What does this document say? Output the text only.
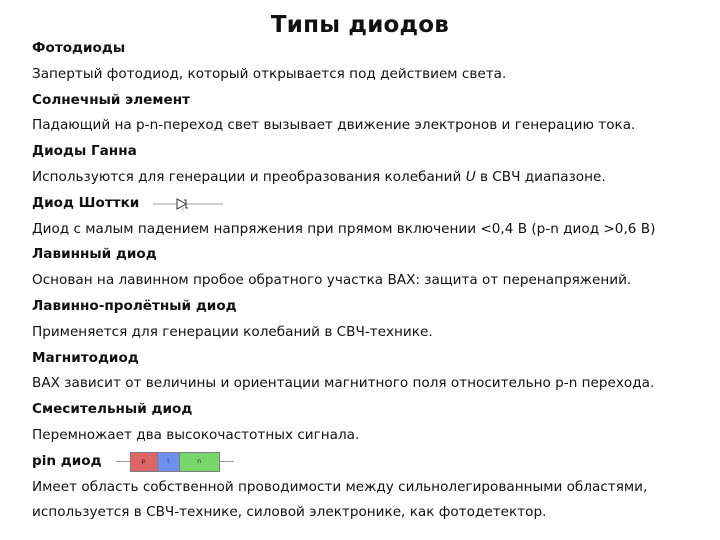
Типы диодов
Фотодиоды
Запертый фотодиод, который открывается под действием света.
Солнечный элемент
Падающий на p-n-переход свет вызывает движение электронов и генерацию тока.
Диоды Ганна
Используются для генерации и преобразования колебаний U в СВЧ диапазоне.
Диод Шоттки
Диод с малым падением напряжения при прямом включении <0,4 В (p-n диод >0,6 В)
Лавинный диод
Основан на лавинном пробое обратного участка ВАХ: защита от перенапряжений.
Лавинно-пролётный диод
Применяется для генерации колебаний в СВЧ-технике.
Магнитодиод
ВАХ зависит от величины и ориентации магнитного поля относительно p-n перехода.
Смесительный диод
Перемножает два высокочастотных сигнала.
pin диод	p	i	n
Имеет область собственной проводимости между сильнолегированными областями,
используется в СВЧ-технике, силовой электронике, как фотодетектор.
